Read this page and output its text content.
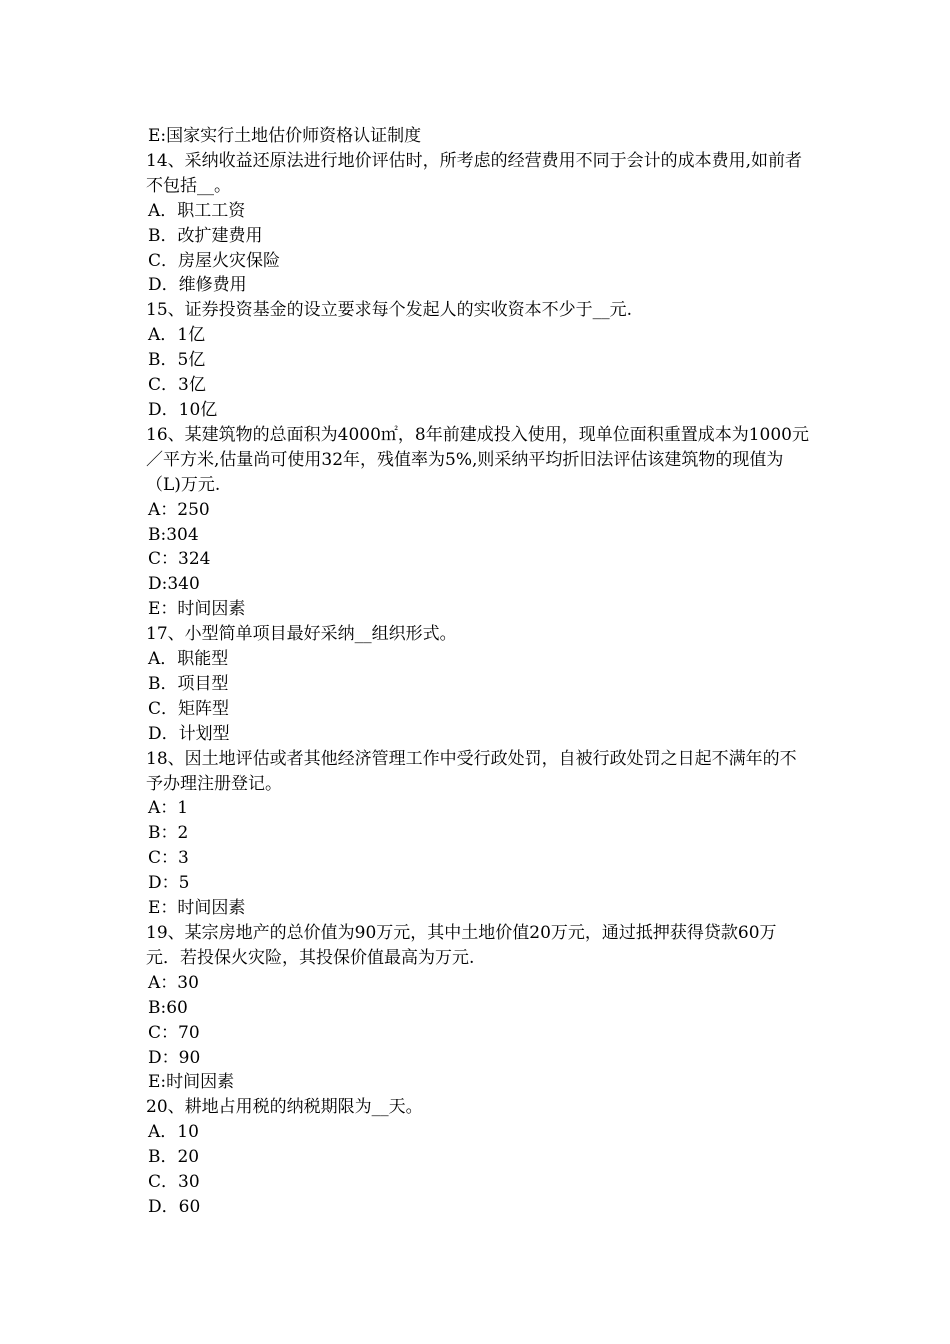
E:国家实行土地估价师资格认证制度
14、采纳收益还原法进行地价评估时，所考虑的经营费用不同于会计的成本费用,如前者不包括__。
A．职工工资
B．改扩建费用
C．房屋火灾保险
D．维修费用
15、证券投资基金的设立要求每个发起人的实收资本不少于__元.
A．1亿
B．5亿
C．3亿
D．10亿
16、某建筑物的总面积为4000㎡，8年前建成投入使用，现单位面积重置成本为1000元／平方米,估量尚可使用32年，残值率为5%,则采纳平均折旧法评估该建筑物的现值为（L)万元.
A：250
B:304
C：324
D:340
E：时间因素
17、小型简单项目最好采纳__组织形式。
A．职能型
B．项目型
C．矩阵型
D．计划型
18、因土地评估或者其他经济管理工作中受行政处罚，自被行政处罚之日起不满年的不予办理注册登记。
A：1
B：2
C：3
D：5
E：时间因素
19、某宗房地产的总价值为90万元，其中土地价值20万元，通过抵押获得贷款60万元．若投保火灾险，其投保价值最高为万元.
A：30
B:60
C：70
D：90
E:时间因素
20、耕地占用税的纳税期限为__天。
A．10
B．20
C．30
D．60
